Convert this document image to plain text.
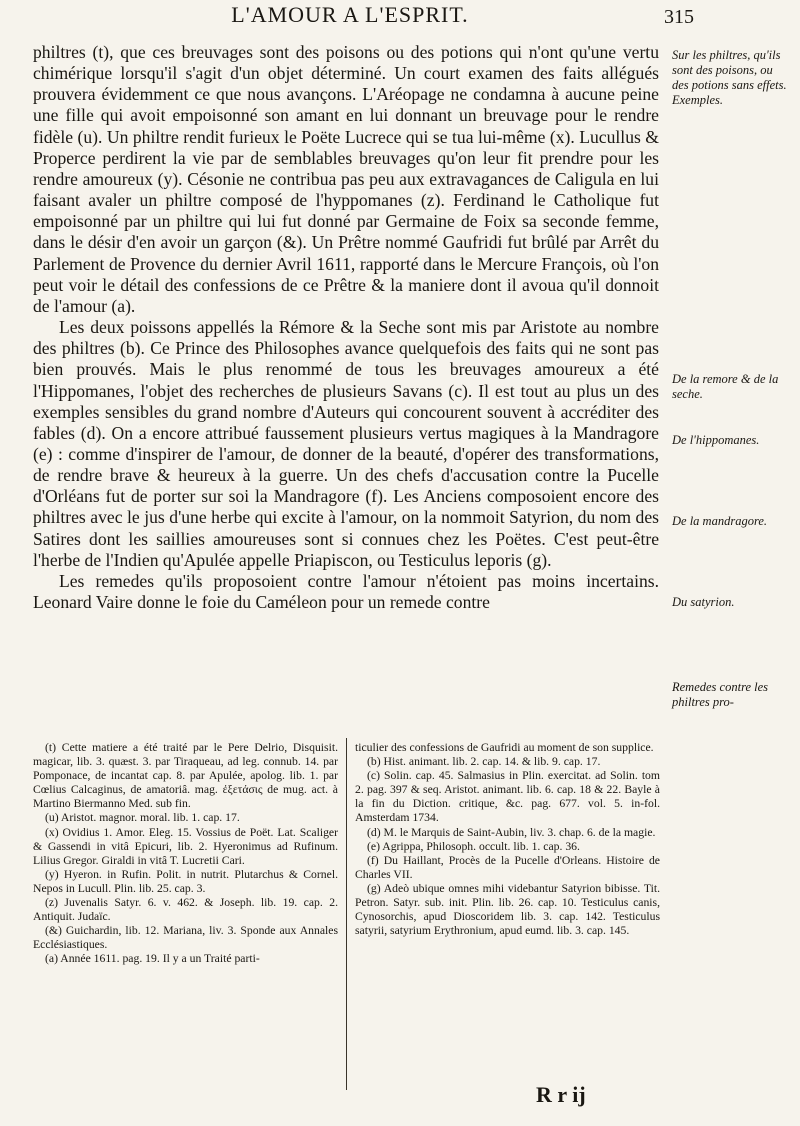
L'AMOUR A L'ESPRIT.	315

philtres (t), que ces breuvages sont des poisons ou des potions qui n'ont qu'une vertu chimérique lorsqu'il s'agit d'un objet déterminé. Un court examen des faits allégués prouvera évidemment ce que nous avançons. L'Aréopage ne condamna à aucune peine une fille qui avoit empoisonné son amant en lui donnant un breuvage pour le rendre fidèle (u). Un philtre rendit furieux le Poëte Lucrece qui se tua lui-même (x). Lucullus & Properce perdirent la vie par de semblables breuvages qu'on leur fit prendre pour les rendre amoureux (y). Césonie ne contribua pas peu aux extravagances de Caligula en lui faisant avaler un philtre composé de l'hyppomanes (z). Ferdinand le Catholique fut empoisonné par un philtre qui lui fut donné par Germaine de Foix sa seconde femme, dans le désir d'en avoir un garçon (&). Un Prêtre nommé Gaufridi fut brûlé par Arrêt du Parlement de Provence du dernier Avril 1611, rapporté dans le Mercure François, où l'on peut voir le détail des confessions de ce Prêtre & la maniere dont il avoua qu'il donnoit de l'amour (a).

Les deux poissons appellés la Rémore & la Seche sont mis par Aristote au nombre des philtres (b). Ce Prince des Philosophes avance quelquefois des faits qui ne sont pas bien prouvés. Mais le plus renommé de tous les breuvages amoureux a été l'Hippomanes, l'objet des recherches de plusieurs Savans (c). Il est tout au plus un des exemples sensibles du grand nombre d'Auteurs qui concourent souvent à accréditer des fables (d). On a encore attribué faussement plusieurs vertus magiques à la Mandragore (e) : comme d'inspirer de l'amour, de donner de la beauté, d'opérer des transformations, de rendre brave & heureux à la guerre. Un des chefs d'accusation contre la Pucelle d'Orléans fut de porter sur soi la Mandragore (f). Les Anciens composoient encore des philtres avec le jus d'une herbe qui excite à l'amour, on la nommoit Satyrion, du nom des Satires dont les saillies amoureuses sont si connues chez les Poëtes. C'est peut-être l'herbe de l'Indien qu'Apulée appelle Priapiscon, ou Testiculus leporis (g).

Les remedes qu'ils proposoient contre l'amour n'étoient pas moins incertains. Leonard Vaire donne le foie du Caméleon pour un remede contre

Sur les philtres, qu'ils sont des poisons, ou des potions sans effets. Exemples.
De la remore & de la seche.
De l'hippomanes.
De la mandragore.
Du satyrion.
Remedes contre les philtres pro-

(t) Cette matiere a été traité par le Pere Delrio, Disquisit. magicar, lib. 3. quæst. 3. par Tiraqueau, ad leg. connub. 14. par Pomponace, de incantat cap. 8. par Apulée, apolog. lib. 1. par Cœlius Calcaginus, de amatoriâ. mag. ἐξετάσις de mug. act. à Martino Biermanno Med. sub fin.

(u) Aristot. magnor. moral. lib. 1. cap. 17.

(x) Ovidius 1. Amor. Eleg. 15. Vossius de Poët. Lat. Scaliger & Gassendi in vitâ Epicuri, lib. 2. Hyeronimus ad Rufinum. Lilius Gregor. Giraldi in vitâ T. Lucretii Cari.

(y) Hyeron. in Rufin. Polit. in nutrit. Plutarchus & Cornel. Nepos in Lucull. Plin. lib. 25. cap. 3.

(z) Juvenalis Satyr. 6. v. 462. & Joseph. lib. 19. cap. 2. Antiquit. Judaïc.

(&) Guichardin, lib. 12. Mariana, liv. 3. Sponde aux Annales Ecclésiastiques.

(a) Année 1611. pag. 19. Il y a un Traité parti-

ticulier des confessions de Gaufridi au moment de son supplice.

(b) Hist. animant. lib. 2. cap. 14. & lib. 9. cap. 17.

(c) Solin. cap. 45. Salmasius in Plin. exercitat. ad Solin. tom 2. pag. 397 & seq. Aristot. animant. lib. 6. cap. 18 & 22. Bayle à la fin du Diction. critique, &c. pag. 677. vol. 5. in-fol. Amsterdam 1734.

(d) M. le Marquis de Saint-Aubin, liv. 3. chap. 6. de la magie.

(e) Agrippa, Philosoph. occult. lib. 1. cap. 36.

(f) Du Haillant, Procès de la Pucelle d'Orleans. Histoire de Charles VII.

(g) Adeò ubique omnes mihi videbantur Satyrion bibisse. Tit. Petron. Satyr. sub. init. Plin. lib. 26. cap. 10. Testiculus canis, Cynosorchis, apud Dioscoridem lib. 3. cap. 142. Testiculus satyrii, satyrium Erythronium, apud eumd. lib. 3. cap. 145.

R r ij
